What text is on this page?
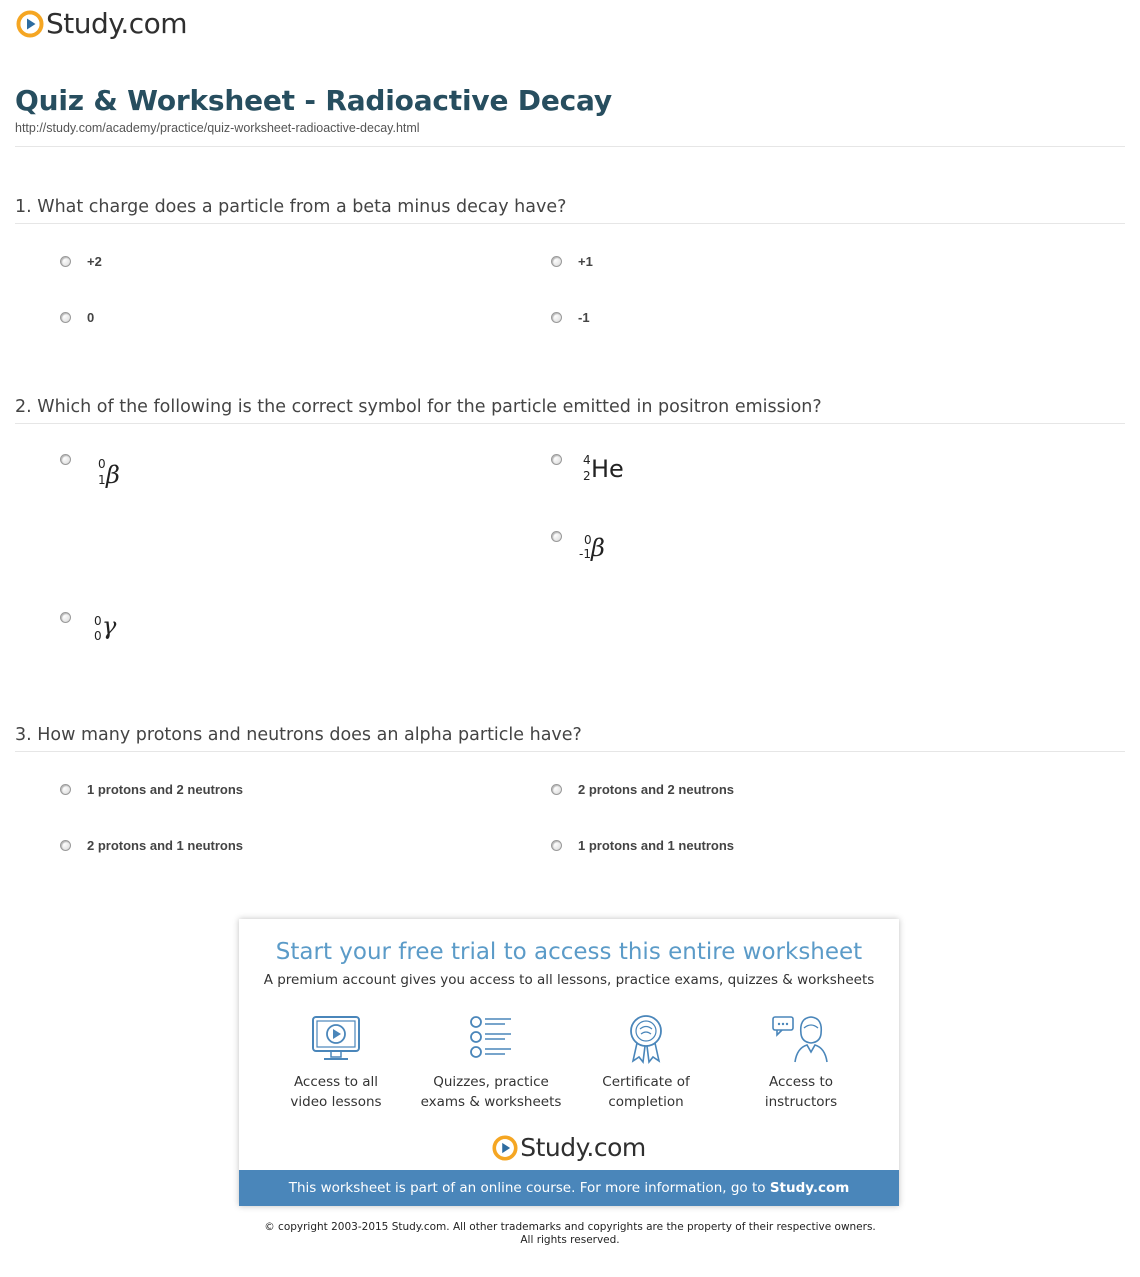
Study.com
Quiz & Worksheet - Radioactive Decay
http://study.com/academy/practice/quiz-worksheet-radioactive-decay.html
1. What charge does a particle from a beta minus decay have?
+2	+1
0	-1
2. Which of the following is the correct symbol for the particle emitted in positron emission?
0
1 β
4
2 He
0
-1 β
0
0 γ
3. How many protons and neutrons does an alpha particle have?
1 protons and 2 neutrons	2 protons and 2 neutrons
2 protons and 1 neutrons	1 protons and 1 neutrons
Start your free trial to access this entire worksheet
A premium account gives you access to all lessons, practice exams, quizzes & worksheets
Access to all
video lessons
Quizzes, practice
exams & worksheets
Certificate of
completion
Access to
instructors
Study.com
This worksheet is part of an online course. For more information, go to Study.com
© copyright 2003-2015 Study.com. All other trademarks and copyrights are the property of their respective owners.
All rights reserved.
